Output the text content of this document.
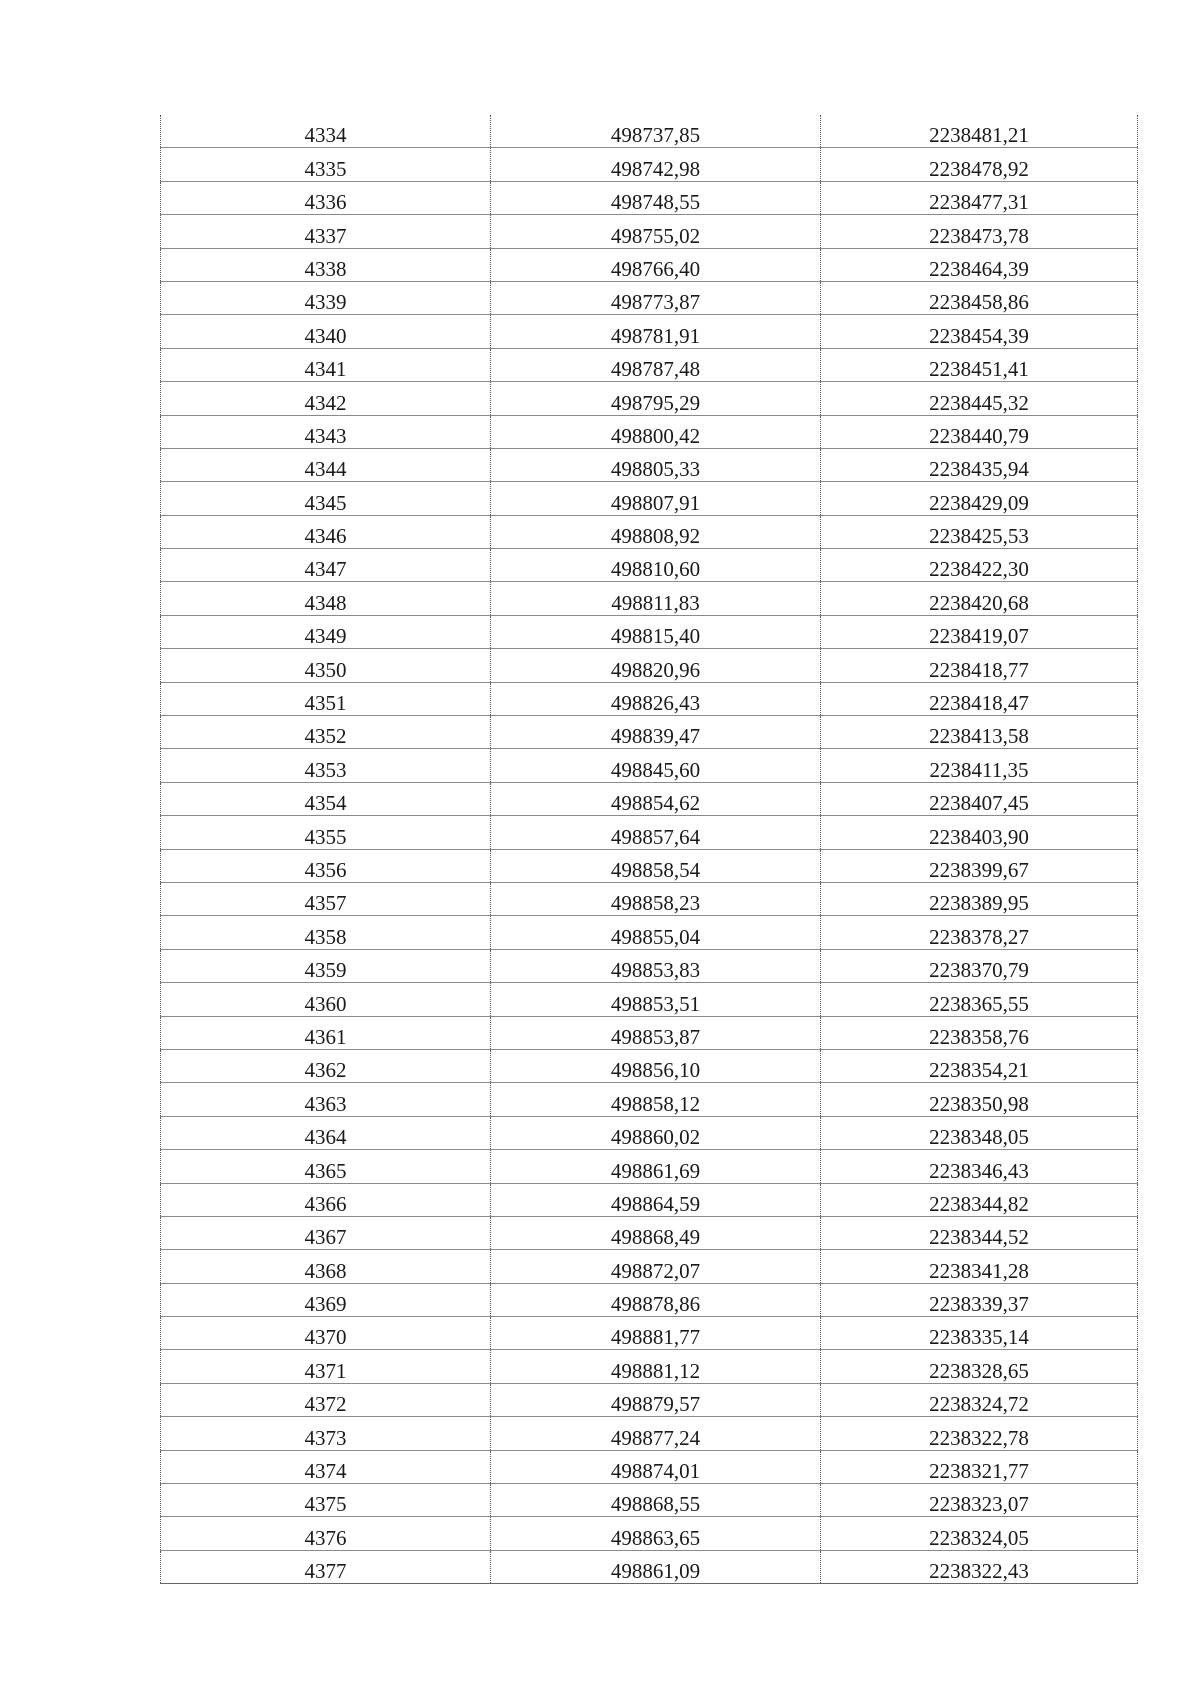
4334	498737,85	2238481,21
4335	498742,98	2238478,92
4336	498748,55	2238477,31
4337	498755,02	2238473,78
4338	498766,40	2238464,39
4339	498773,87	2238458,86
4340	498781,91	2238454,39
4341	498787,48	2238451,41
4342	498795,29	2238445,32
4343	498800,42	2238440,79
4344	498805,33	2238435,94
4345	498807,91	2238429,09
4346	498808,92	2238425,53
4347	498810,60	2238422,30
4348	498811,83	2238420,68
4349	498815,40	2238419,07
4350	498820,96	2238418,77
4351	498826,43	2238418,47
4352	498839,47	2238413,58
4353	498845,60	2238411,35
4354	498854,62	2238407,45
4355	498857,64	2238403,90
4356	498858,54	2238399,67
4357	498858,23	2238389,95
4358	498855,04	2238378,27
4359	498853,83	2238370,79
4360	498853,51	2238365,55
4361	498853,87	2238358,76
4362	498856,10	2238354,21
4363	498858,12	2238350,98
4364	498860,02	2238348,05
4365	498861,69	2238346,43
4366	498864,59	2238344,82
4367	498868,49	2238344,52
4368	498872,07	2238341,28
4369	498878,86	2238339,37
4370	498881,77	2238335,14
4371	498881,12	2238328,65
4372	498879,57	2238324,72
4373	498877,24	2238322,78
4374	498874,01	2238321,77
4375	498868,55	2238323,07
4376	498863,65	2238324,05
4377	498861,09	2238322,43
